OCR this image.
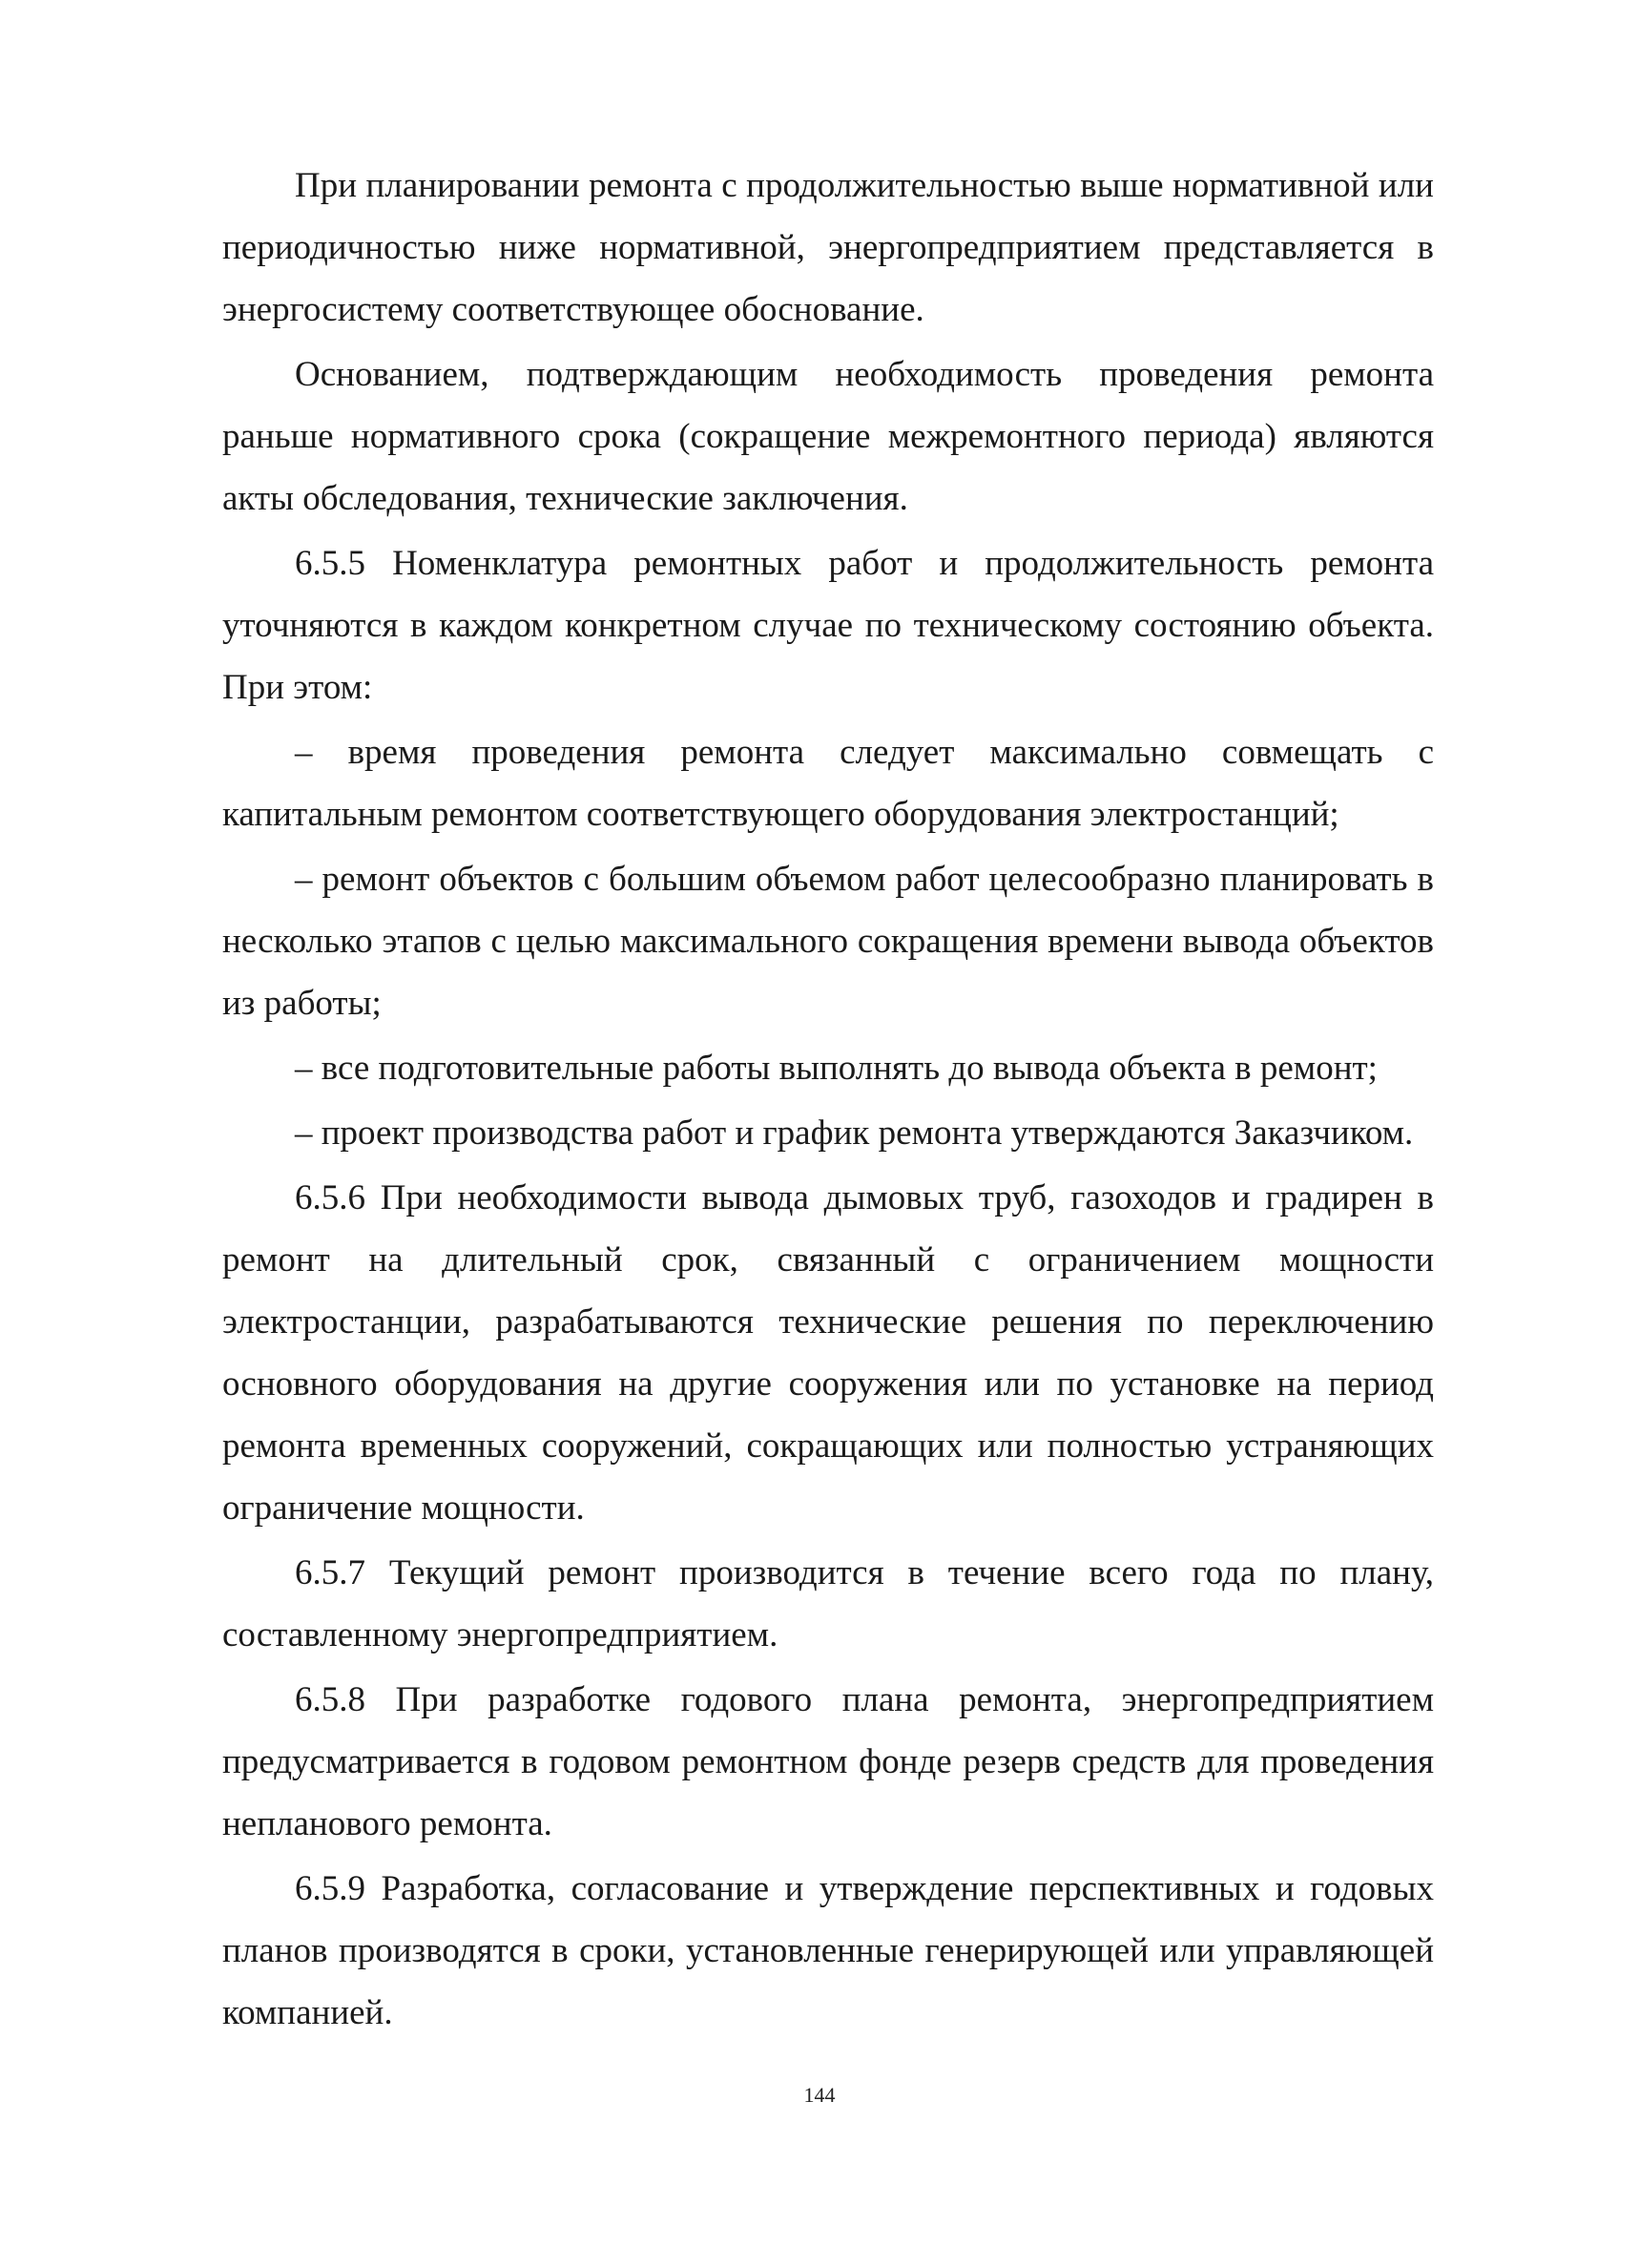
При планировании ремонта с продолжительностью выше нормативной или периодичностью ниже нормативной, энергопредприятием представляется в энергосистему соответствующее обоснование.

Основанием, подтверждающим необходимость проведения ремонта раньше нормативного срока (сокращение межремонтного периода) являются акты обследования, технические заключения.

6.5.5 Номенклатура ремонтных работ и продолжительность ремонта уточняются в каждом конкретном случае по техническому состоянию объекта. При этом:

– время проведения ремонта следует максимально совмещать с капитальным ремонтом соответствующего оборудования электростанций;

– ремонт объектов с большим объемом работ целесообразно планировать в несколько этапов с целью максимального сокращения времени вывода объектов из работы;

– все подготовительные работы выполнять до вывода объекта в ремонт;

– проект производства работ и график ремонта утверждаются Заказчиком.

6.5.6 При необходимости вывода дымовых труб, газоходов и градирен в ремонт на длительный срок, связанный с ограничением мощности электростанции, разрабатываются технические решения по переключению основного оборудования на другие сооружения или по установке на период ремонта временных сооружений, сокращающих или полностью устраняющих ограничение мощности.

6.5.7 Текущий ремонт производится в течение всего года по плану, составленному энергопредприятием.

6.5.8 При разработке годового плана ремонта, энергопредприятием предусматривается в годовом ремонтном фонде резерв средств для проведения непланового ремонта.

6.5.9 Разработка, согласование и утверждение перспективных и годовых планов производятся в сроки, установленные генерирующей или управляющей компанией.

144
